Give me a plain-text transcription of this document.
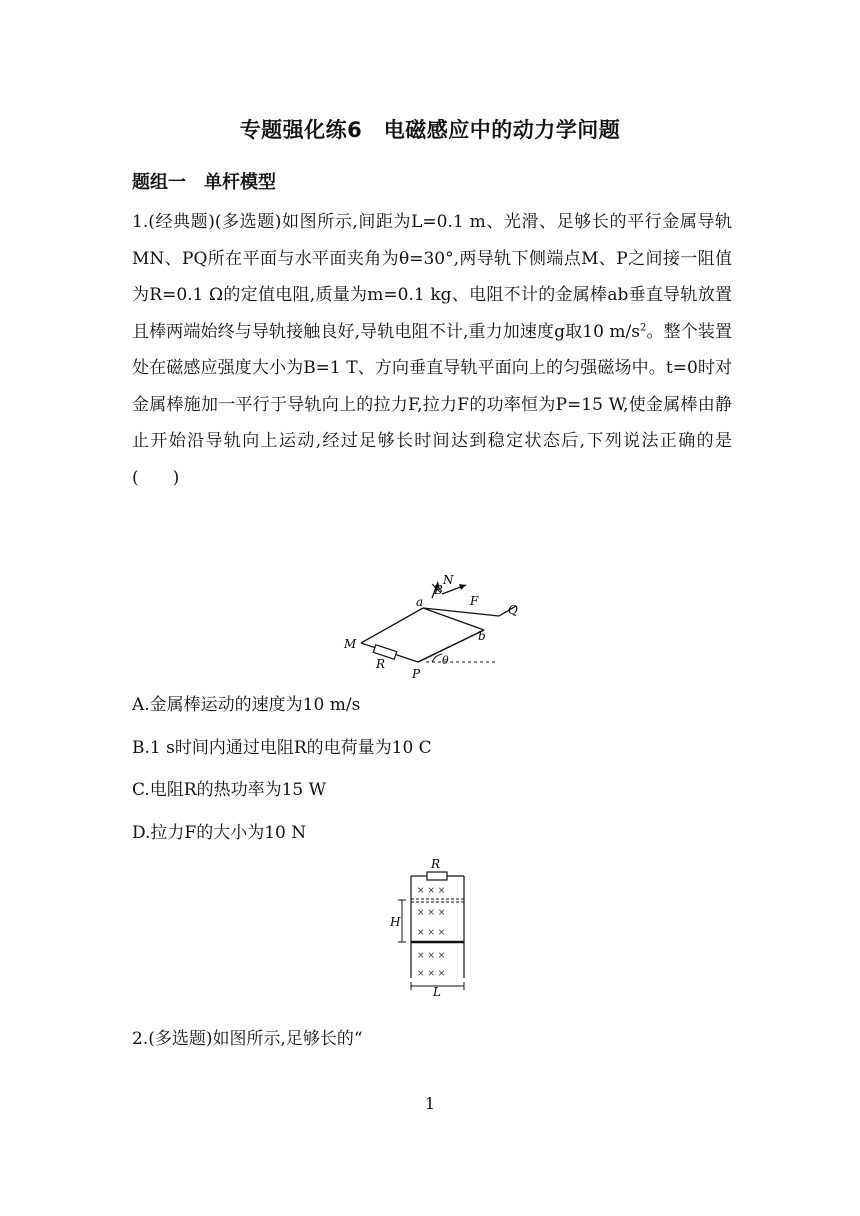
专题强化练6　电磁感应中的动力学问题
题组一　单杆模型
1.(经典题)(多选题)如图所示,间距为L=0.1 m、光滑、足够长的平行金属导轨MN、PQ所在平面与水平面夹角为θ=30°,两导轨下侧端点M、P之间接一阻值为R=0.1 Ω的定值电阻,质量为m=0.1 kg、电阻不计的金属棒ab垂直导轨放置且棒两端始终与导轨接触良好,导轨电阻不计,重力加速度g取10 $m/s^2$。整个装置处在磁感应强度大小为B=1 T、方向垂直导轨平面向上的匀强磁场中。t=0时对金属棒施加一平行于导轨向上的拉力F,拉力F的功率恒为P=15 W,使金属棒由静止开始沿导轨向上运动,经过足够长时间达到稳定状态后,下列说法正确的是(　　)
B
N
F
Q
a
b
M
R
P
θ
A.金属棒运动的速度为10 m/s
B.1 s时间内通过电阻R的电荷量为10 C
C.电阻R的热功率为15 W
D.拉力F的大小为10 N
× × ×
× × ×
× × ×
× × ×
× × ×
R
H
L
2.(多选题)如图所示,足够长的“
1
